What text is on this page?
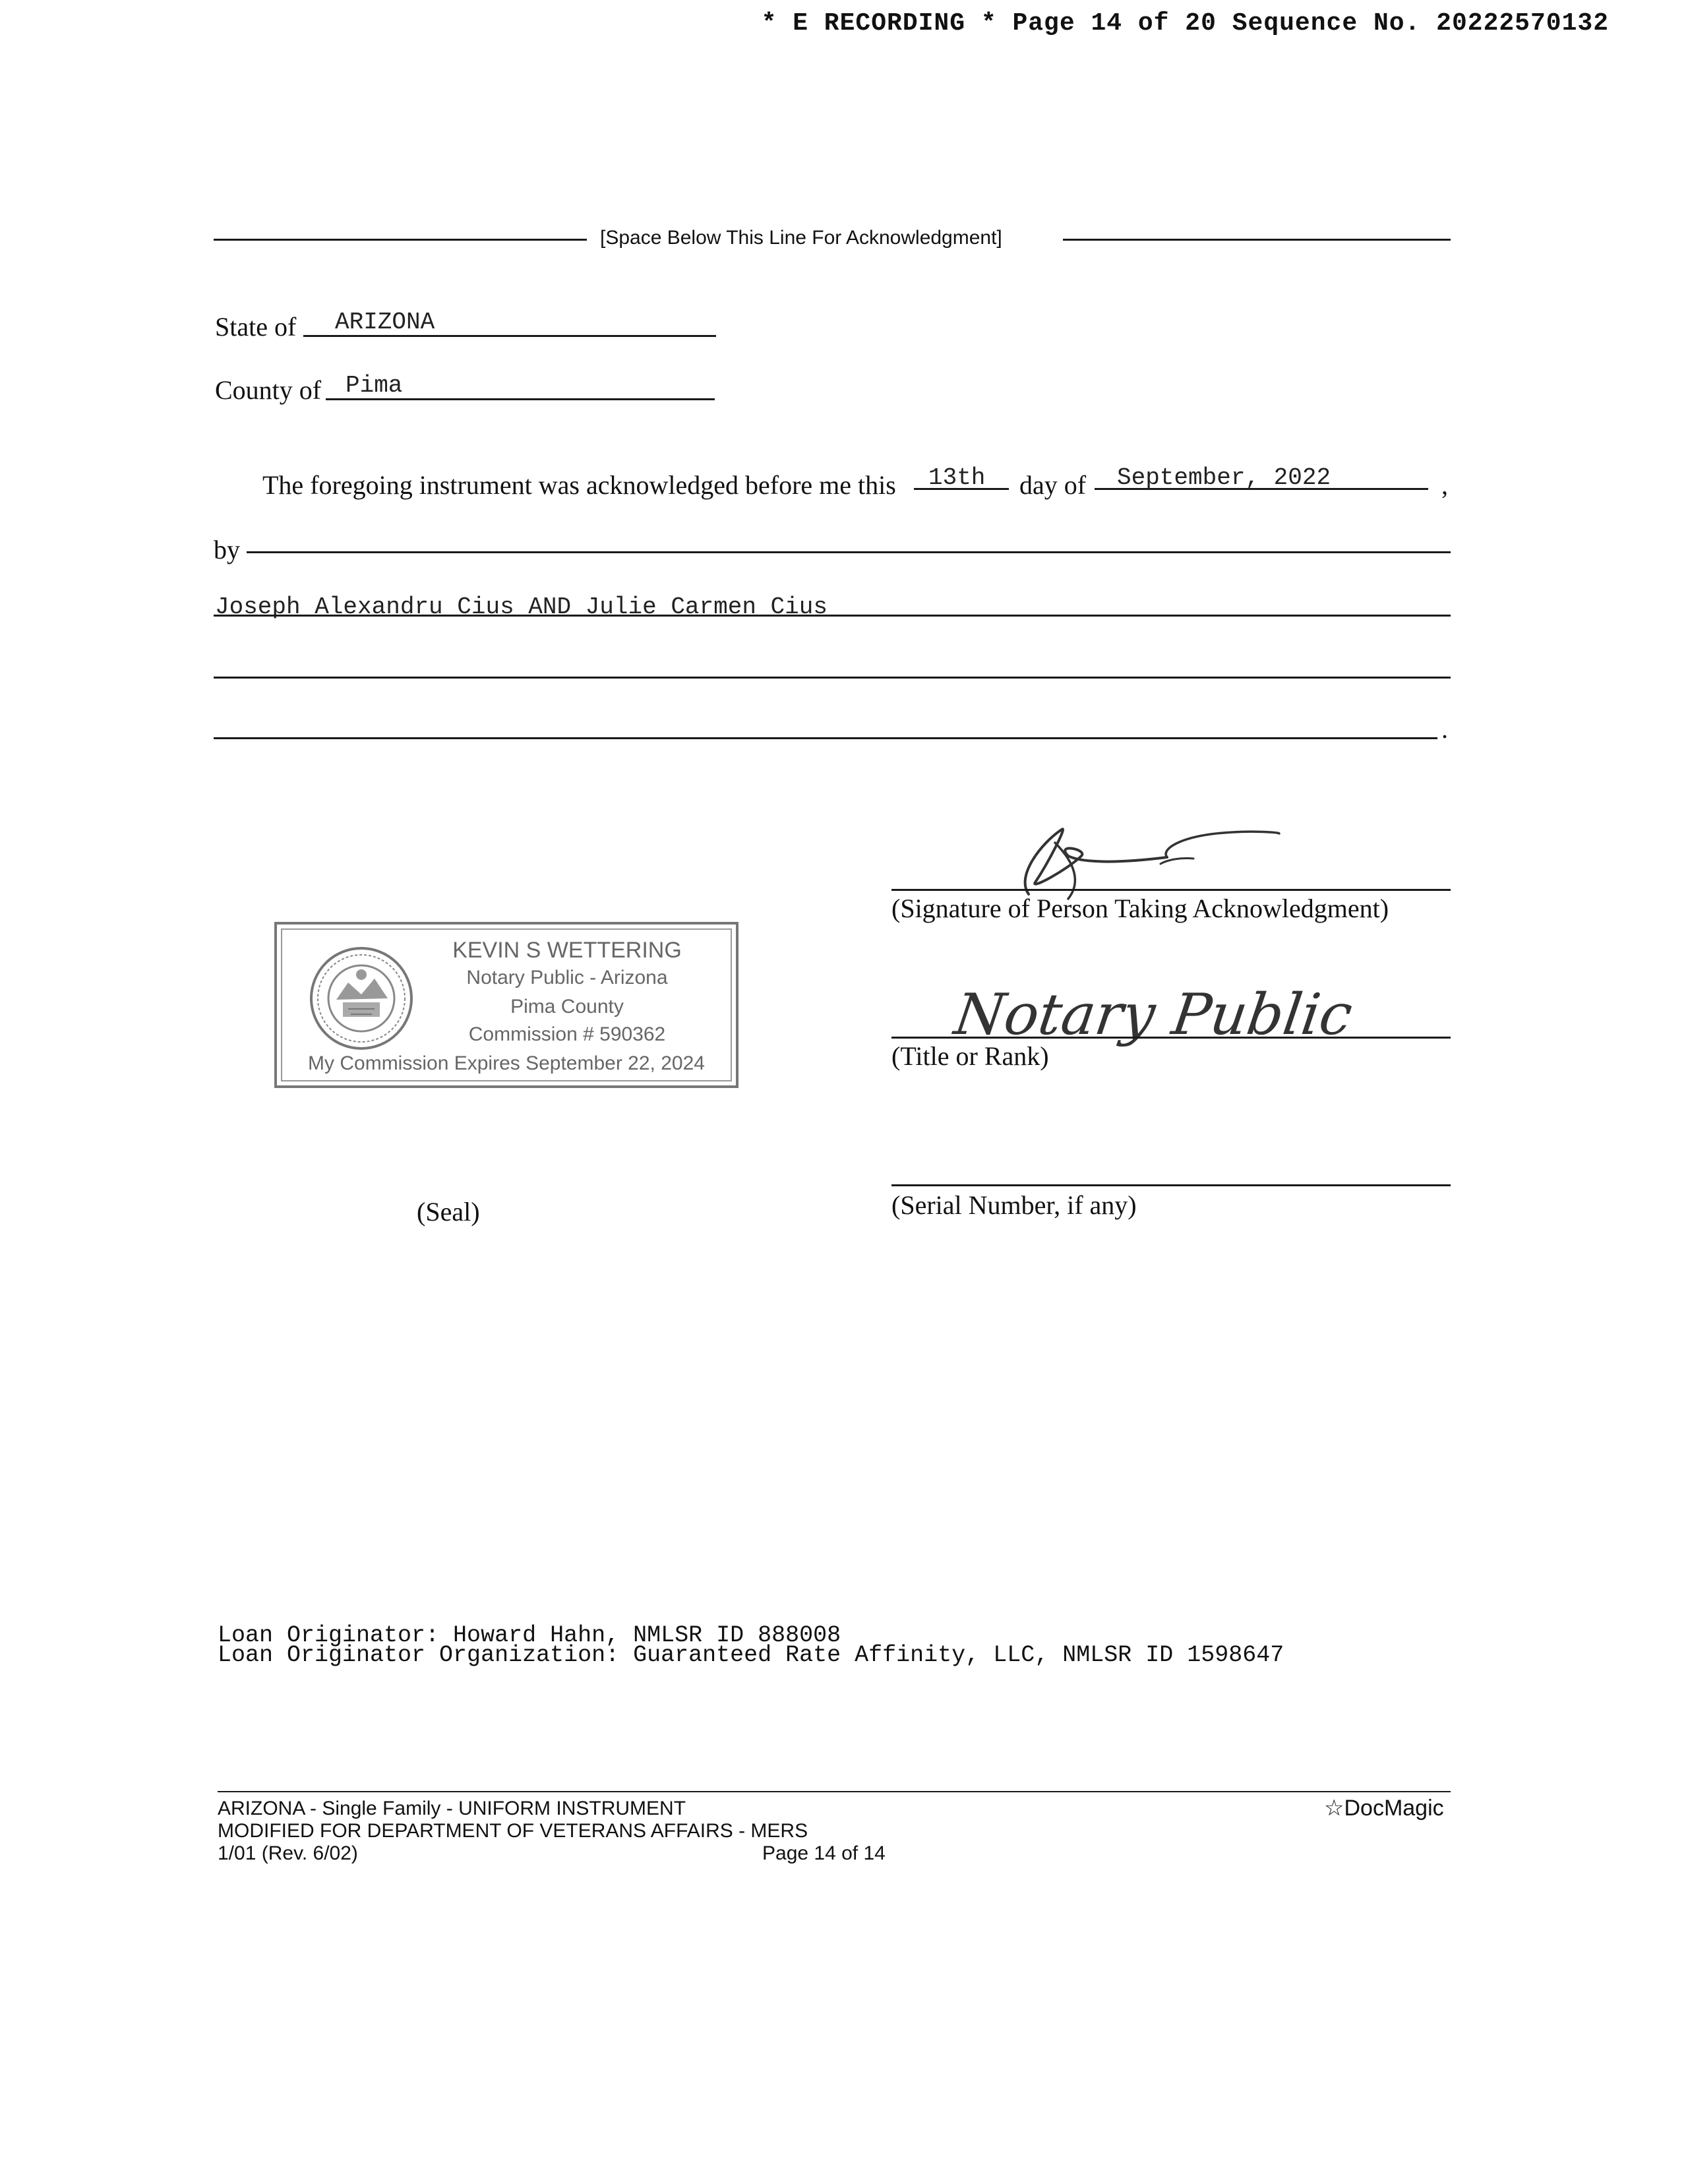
* E RECORDING * Page 14 of 20 Sequence No. 20222570132
[Space Below This Line For Acknowledgment]
State of ARIZONA
County of Pima
The foregoing instrument was acknowledged before me this 13th day of September, 2022	,
by
Joseph Alexandru Cius AND Julie Carmen Cius
.
(Signature of Person Taking Acknowledgment)
Notary Public
(Title or Rank)
(Serial Number, if any)
KEVIN S WETTERING
Notary Public - Arizona
Pima County
Commission # 590362
My Commission Expires September 22, 2024
(Seal)
Loan Originator: Howard Hahn, NMLSR ID 888008
Loan Originator Organization: Guaranteed Rate Affinity, LLC, NMLSR ID 1598647
ARIZONA - Single Family - UNIFORM INSTRUMENT
MODIFIED FOR DEPARTMENT OF VETERANS AFFAIRS - MERS
1/01 (Rev. 6/02)	Page 14 of 14
☆DocMagic
